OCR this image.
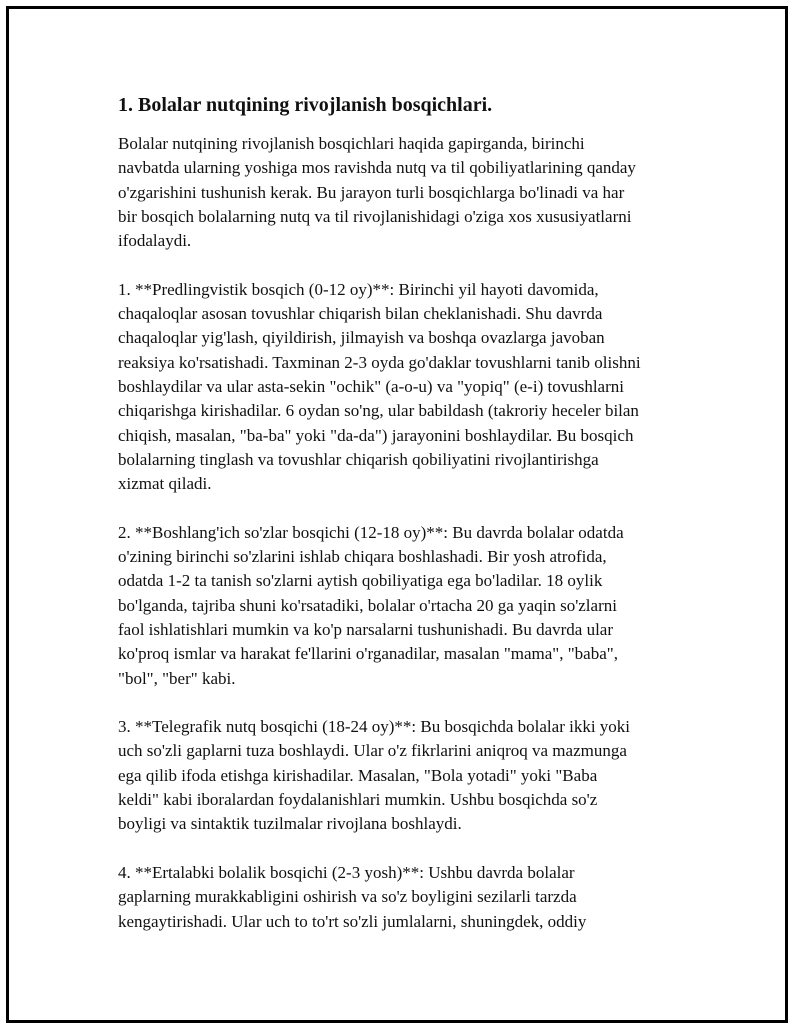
1. Bolalar nutqining rivojlanish bosqichlari.
Bolalar nutqining rivojlanish bosqichlari haqida gapirganda, birinchi
navbatda ularning yoshiga mos ravishda nutq va til qobiliyatlarining qanday
o'zgarishini tushunish kerak. Bu jarayon turli bosqichlarga bo'linadi va har
bir bosqich bolalarning nutq va til rivojlanishidagi o'ziga xos xususiyatlarni
ifodalaydi.
1. **Predlingvistik bosqich (0-12 oy)**: Birinchi yil hayoti davomida,
chaqaloqlar asosan tovushlar chiqarish bilan cheklanishadi. Shu davrda
chaqaloqlar yig'lash, qiyildirish, jilmayish va boshqa ovazlarga javoban
reaksiya ko'rsatishadi. Taxminan 2-3 oyda go'daklar tovushlarni tanib olishni
boshlaydilar va ular asta-sekin "ochik" (a-o-u) va "yopiq" (e-i) tovushlarni
chiqarishga kirishadilar. 6 oydan so'ng, ular babildash (takroriy heceler bilan
chiqish, masalan, "ba-ba" yoki "da-da") jarayonini boshlaydilar. Bu bosqich
bolalarning tinglash va tovushlar chiqarish qobiliyatini rivojlantirishga
xizmat qiladi.
2. **Boshlang'ich so'zlar bosqichi (12-18 oy)**: Bu davrda bolalar odatda
o'zining birinchi so'zlarini ishlab chiqara boshlashadi. Bir yosh atrofida,
odatda 1-2 ta tanish so'zlarni aytish qobiliyatiga ega bo'ladilar. 18 oylik
bo'lganda, tajriba shuni ko'rsatadiki, bolalar o'rtacha 20 ga yaqin so'zlarni
faol ishlatishlari mumkin va ko'p narsalarni tushunishadi. Bu davrda ular
ko'proq ismlar va harakat fe'llarini o'rganadilar, masalan "mama", "baba",
"bol", "ber" kabi.
3. **Telegrafik nutq bosqichi (18-24 oy)**: Bu bosqichda bolalar ikki yoki
uch so'zli gaplarni tuza boshlaydi. Ular o'z fikrlarini aniqroq va mazmunga
ega qilib ifoda etishga kirishadilar. Masalan, "Bola yotadi" yoki "Baba
keldi" kabi iboralardan foydalanishlari mumkin. Ushbu bosqichda so'z
boyligi va sintaktik tuzilmalar rivojlana boshlaydi.
4. **Ertalabki bolalik bosqichi (2-3 yosh)**: Ushbu davrda bolalar
gaplarning murakkabligini oshirish va so'z boyligini sezilarli tarzda
kengaytirishadi. Ular uch to to'rt so'zli jumlalarni, shuningdek, oddiy
